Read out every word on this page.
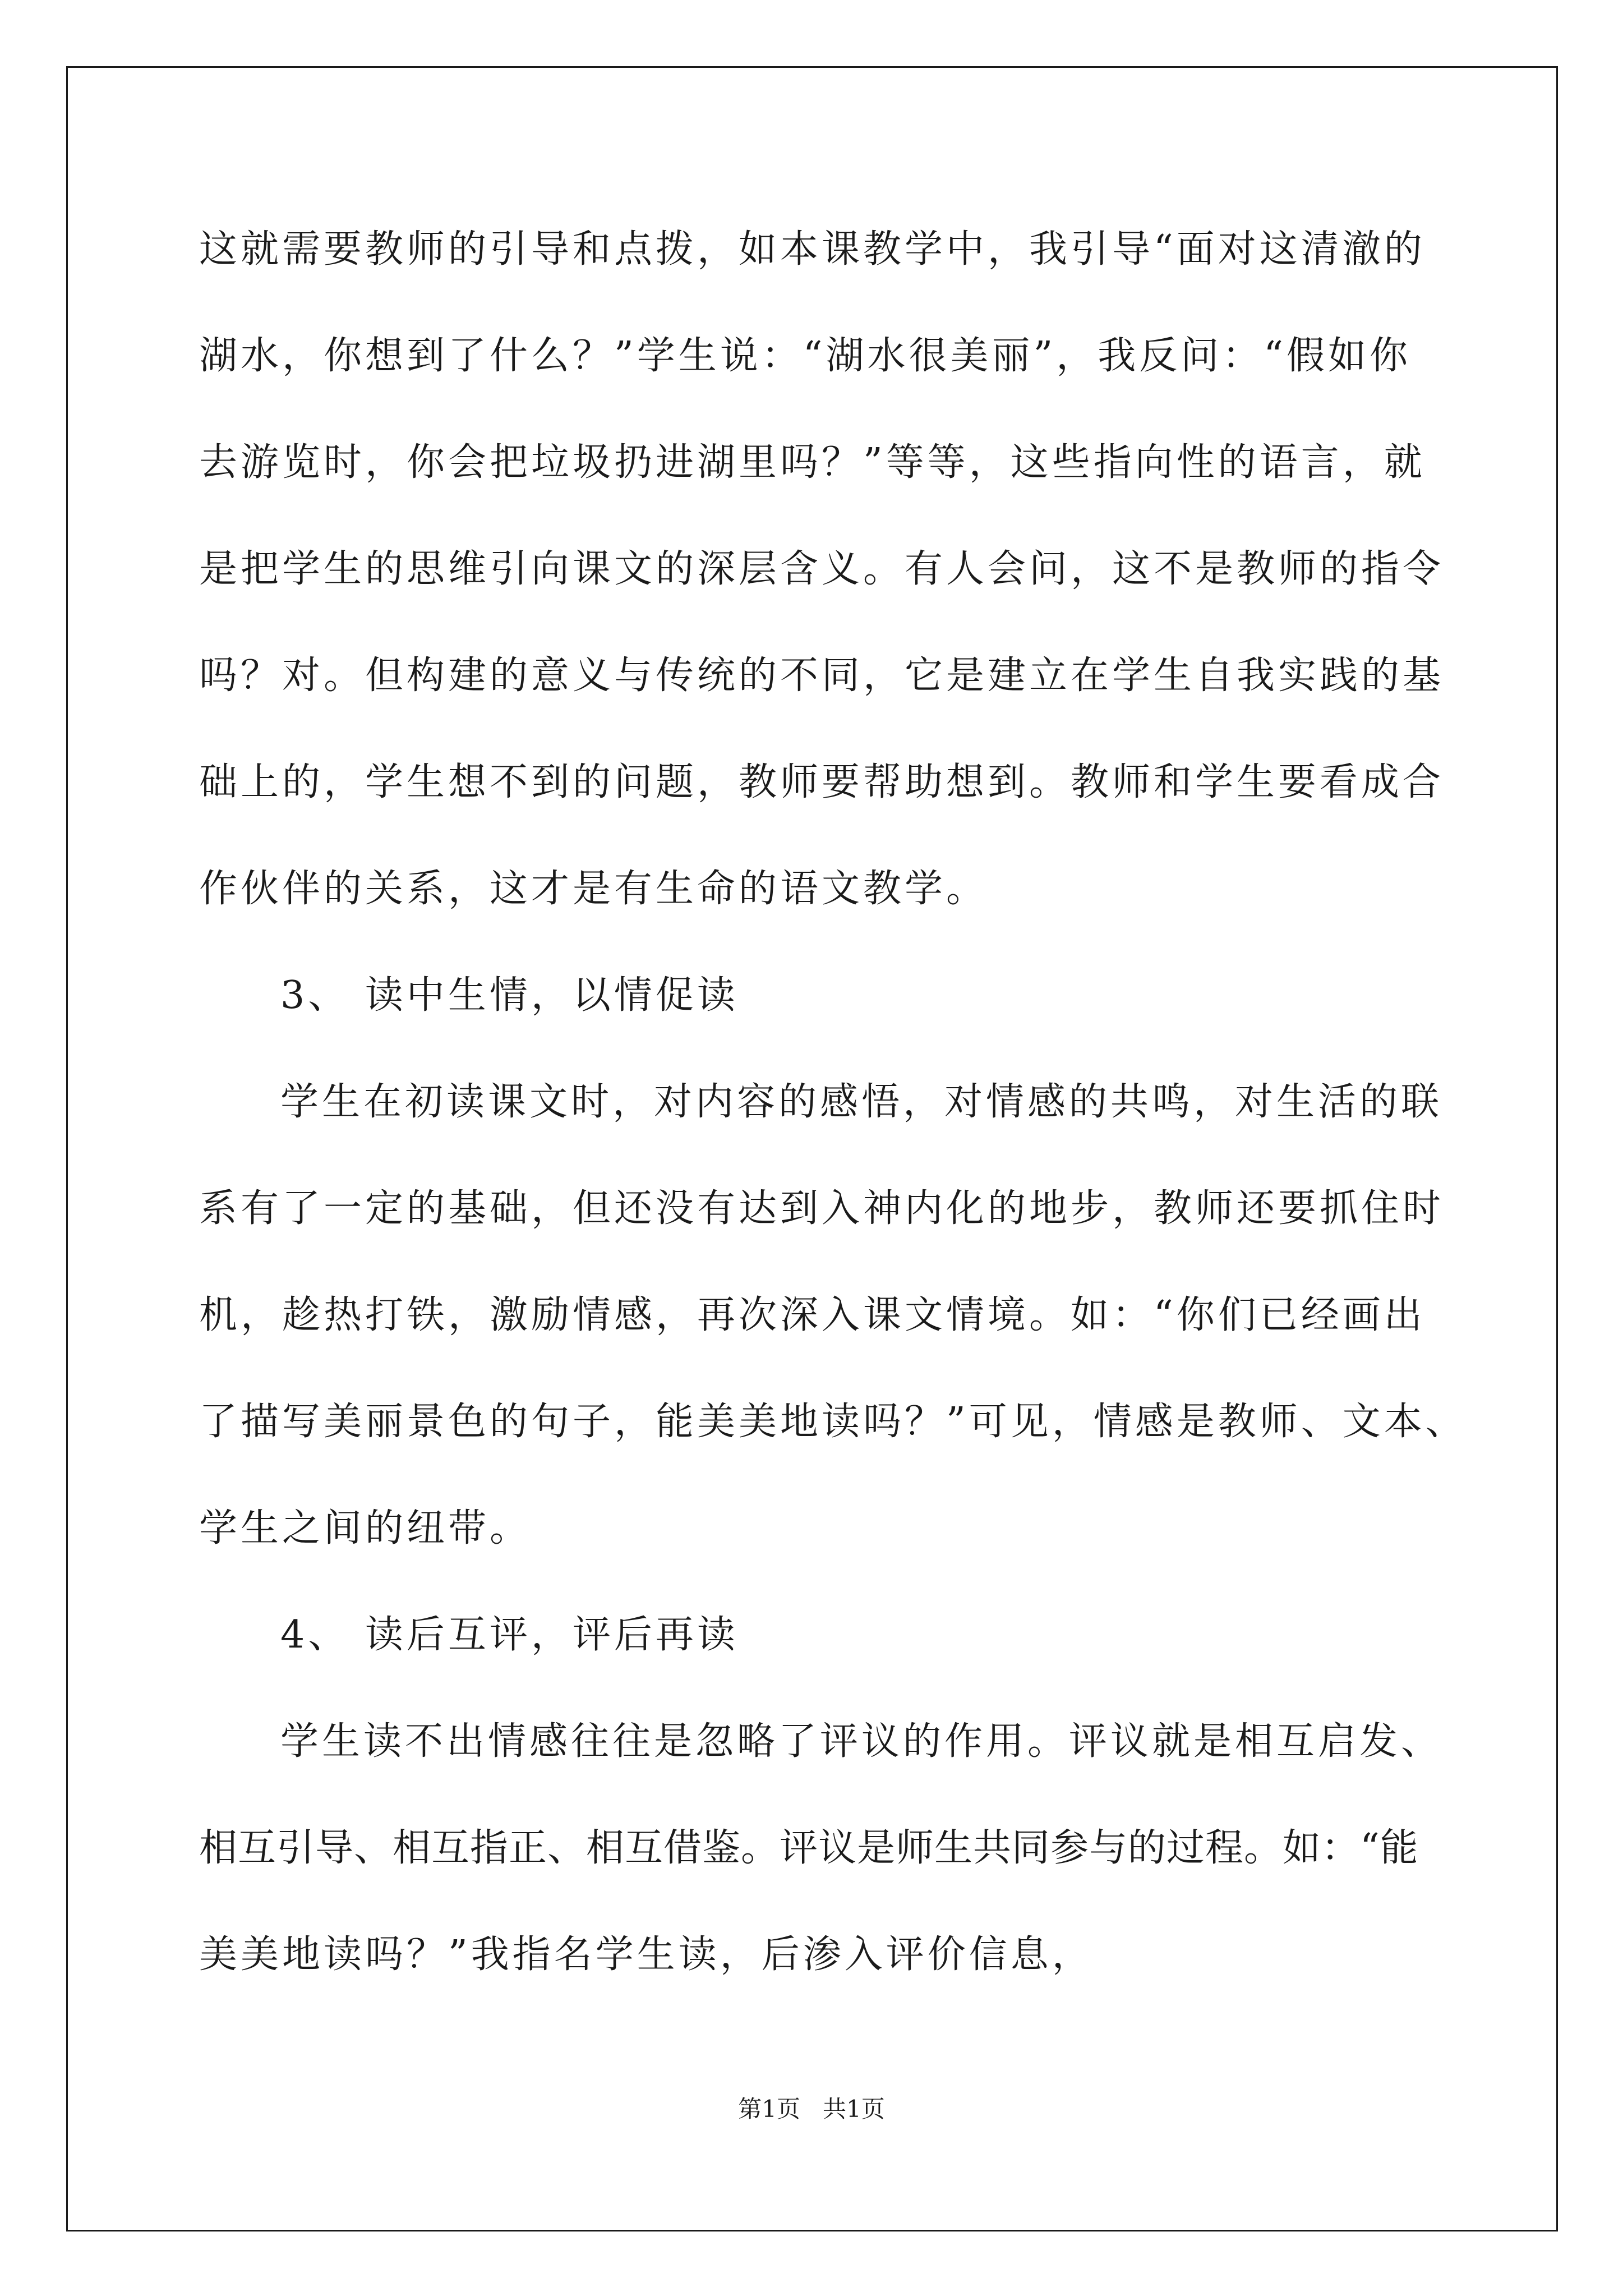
这就需要教师的引导和点拨，如本课教学中，我引导“面对这清澈的
湖水，你想到了什么？”学生说：“湖水很美丽”，我反问：“假如你
去游览时，你会把垃圾扔进湖里吗？”等等，这些指向性的语言，就
是把学生的思维引向课文的深层含义。有人会问，这不是教师的指令
吗？对。但构建的意义与传统的不同，它是建立在学生自我实践的基
础上的，学生想不到的问题，教师要帮助想到。教师和学生要看成合
作伙伴的关系，这才是有生命的语文教学。
3、 读中生情，以情促读
学生在初读课文时，对内容的感悟，对情感的共鸣，对生活的联
系有了一定的基础，但还没有达到入神内化的地步，教师还要抓住时
机，趁热打铁，激励情感，再次深入课文情境。如：“你们已经画出
了描写美丽景色的句子，能美美地读吗？”可见，情感是教师、文本、
学生之间的纽带。
4、 读后互评，评后再读
学生读不出情感往往是忽略了评议的作用。评议就是相互启发、
相互引导、相互指正、相互借鉴。评议是师生共同参与的过程。如：“能
美美地读吗？”我指名学生读，后渗入评价信息，
第1页 共1页
